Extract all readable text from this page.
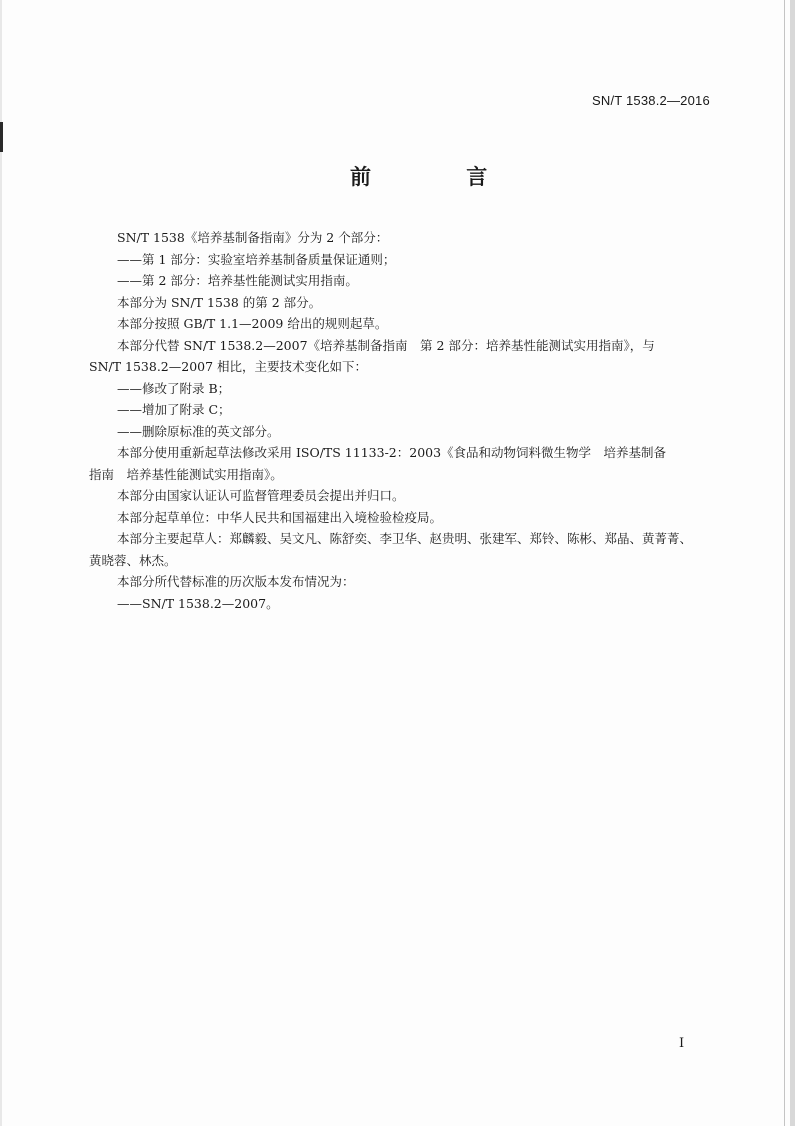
SN/T 1538.2—2016
前 言

SN/T 1538《培养基制备指南》分为 2 个部分：

——第 1 部分：实验室培养基制备质量保证通则；

——第 2 部分：培养基性能测试实用指南。

本部分为 SN/T 1538 的第 2 部分。

本部分按照 GB/T 1.1—2009 给出的规则起草。

本部分代替 SN/T 1538.2—2007《培养基制备指南　第 2 部分：培养基性能测试实用指南》，与

SN/T 1538.2—2007 相比，主要技术变化如下：

——修改了附录 B；

——增加了附录 C；

——删除原标准的英文部分。

本部分使用重新起草法修改采用 ISO/TS 11133-2：2003《食品和动物饲料微生物学　培养基制备

指南　培养基性能测试实用指南》。

本部分由国家认证认可监督管理委员会提出并归口。

本部分起草单位：中华人民共和国福建出入境检验检疫局。

本部分主要起草人：郑麟毅、吴文凡、陈舒奕、李卫华、赵贵明、张建军、郑铃、陈彬、郑晶、黄菁菁、

黄晓蓉、林杰。

本部分所代替标准的历次版本发布情况为：

——SN/T 1538.2—2007。

I
